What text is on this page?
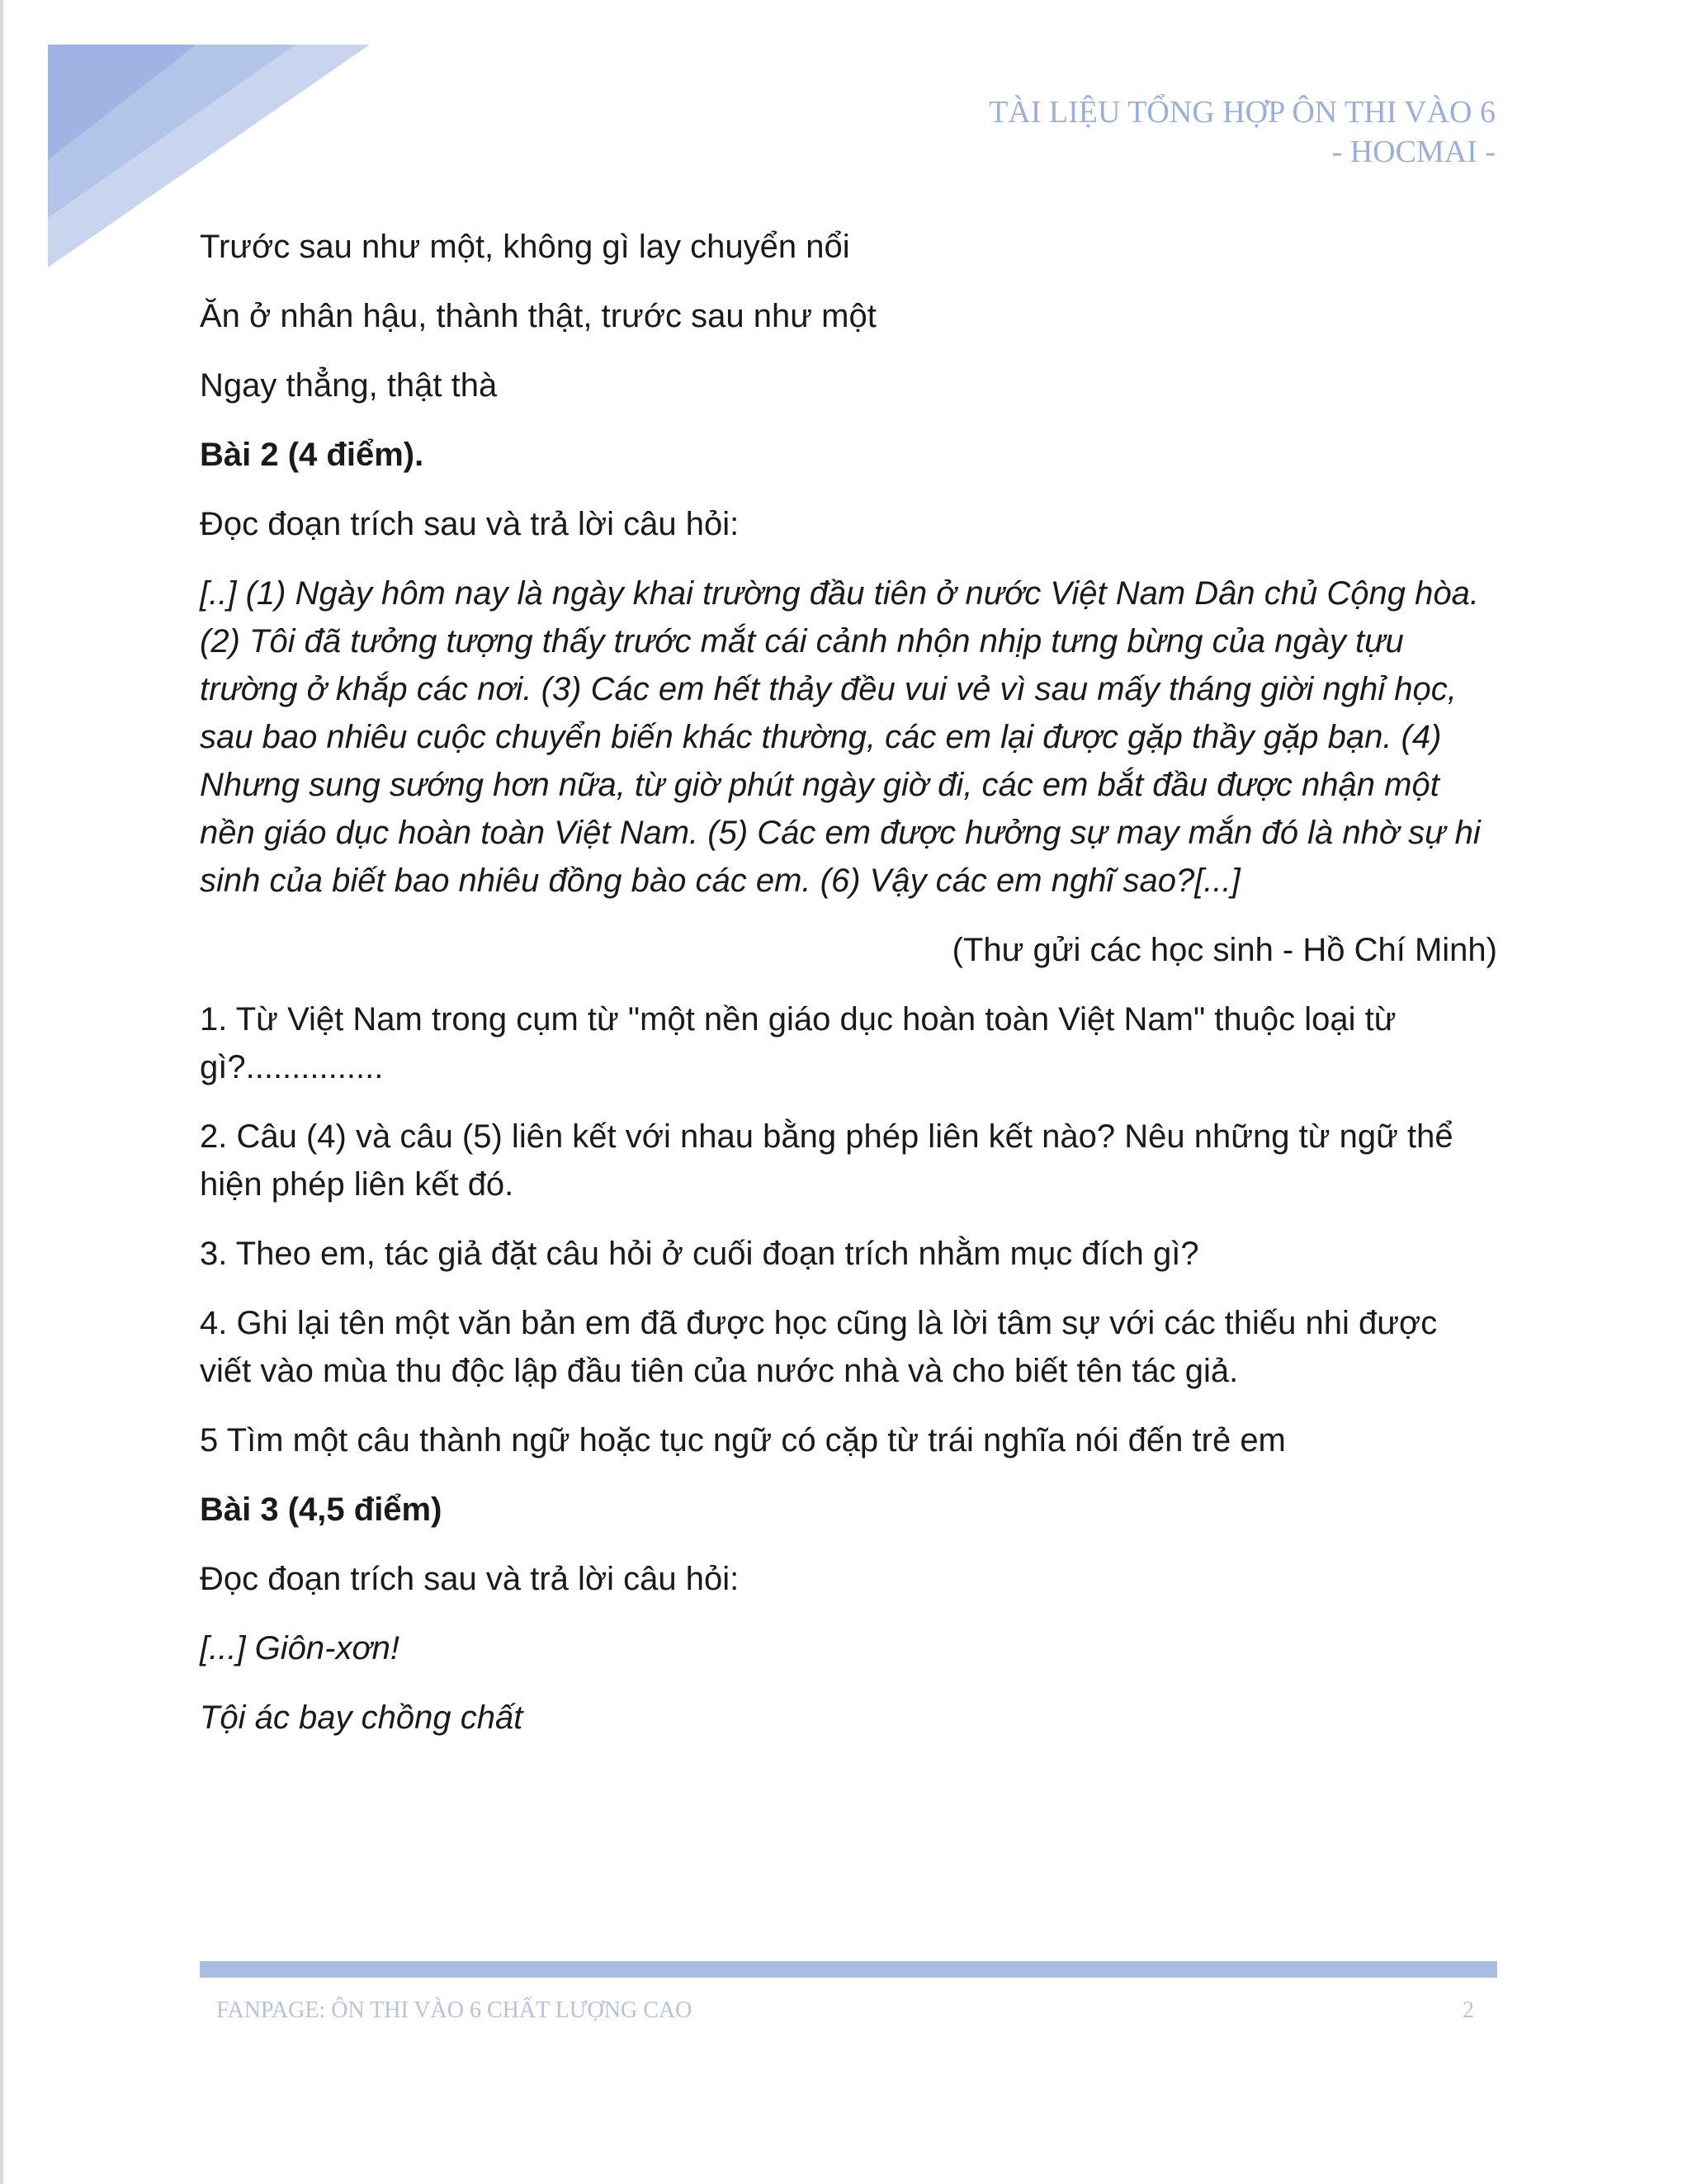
TÀI LIỆU TỔNG HỢP ÔN THI VÀO 6
- HOCMAI -

Trước sau như một, không gì lay chuyển nổi

Ăn ở nhân hậu, thành thật, trước sau như một

Ngay thẳng, thật thà

Bài 2 (4 điểm).

Đọc đoạn trích sau và trả lời câu hỏi:

[..] (1) Ngày hôm nay là ngày khai trường đầu tiên ở nước Việt Nam Dân chủ Cộng hòa. (2) Tôi đã tưởng tượng thấy trước mắt cái cảnh nhộn nhịp tưng bừng của ngày tựu trường ở khắp các nơi. (3) Các em hết thảy đều vui vẻ vì sau mấy tháng giời nghỉ học, sau bao nhiêu cuộc chuyển biến khác thường, các em lại được gặp thầy gặp bạn. (4) Nhưng sung sướng hơn nữa, từ giờ phút ngày giờ đi, các em bắt đầu được nhận một nền giáo dục hoàn toàn Việt Nam. (5) Các em được hưởng sự may mắn đó là nhờ sự hi sinh của biết bao nhiêu đồng bào các em. (6) Vậy các em nghĩ sao?[...]

(Thư gửi các học sinh - Hồ Chí Minh)

1. Từ Việt Nam trong cụm từ "một nền giáo dục hoàn toàn Việt Nam" thuộc loại từ gì?...............

2. Câu (4) và câu (5) liên kết với nhau bằng phép liên kết nào? Nêu những từ ngữ thể hiện phép liên kết đó.

3. Theo em, tác giả đặt câu hỏi ở cuối đoạn trích nhằm mục đích gì?

4. Ghi lại tên một văn bản em đã được học cũng là lời tâm sự với các thiếu nhi được viết vào mùa thu độc lập đầu tiên của nước nhà và cho biết tên tác giả.

5 Tìm một câu thành ngữ hoặc tục ngữ có cặp từ trái nghĩa nói đến trẻ em

Bài 3 (4,5 điểm)

Đọc đoạn trích sau và trả lời câu hỏi:

[...] Giôn-xơn!

Tội ác bay chồng chất

FANPAGE: ÔN THI VÀO 6 CHẤT LƯỢNG CAO	2
